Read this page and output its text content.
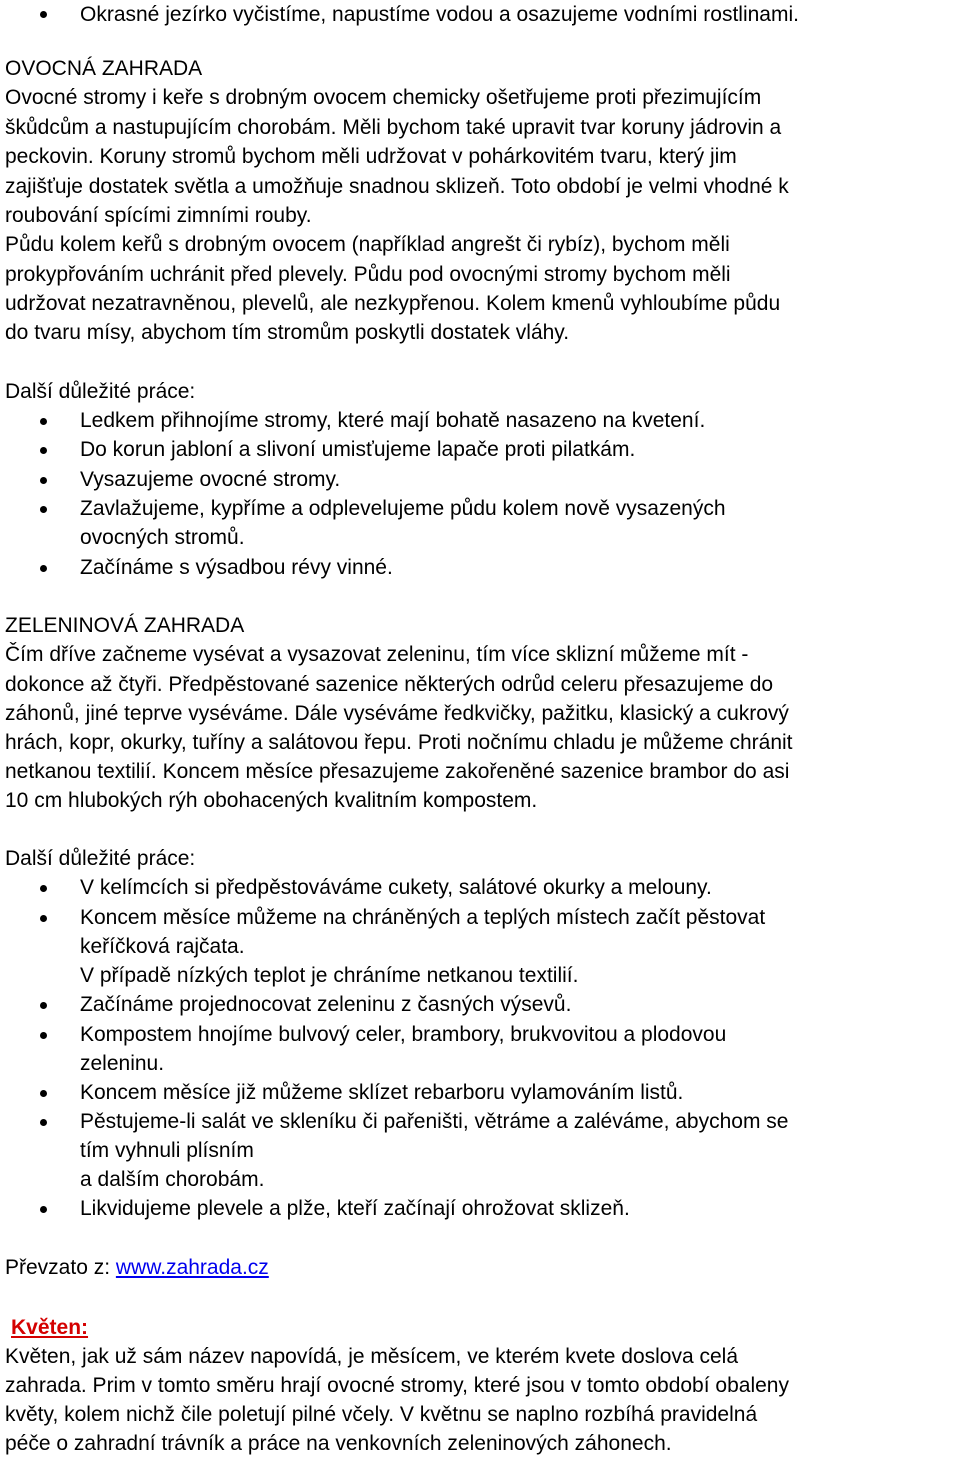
Okrasné jezírko vyčistíme, napustíme vodou a osazujeme vodními rostlinami.
OVOCNÁ ZAHRADA
Ovocné stromy i keře s drobným ovocem chemicky ošetřujeme proti přezimujícím
škůdcům a nastupujícím chorobám. Měli bychom také upravit tvar koruny jádrovin a
peckovin. Koruny stromů bychom měli udržovat v pohárkovitém tvaru, který jim
zajišťuje dostatek světla a umožňuje snadnou sklizeň. Toto období je velmi vhodné k
roubování spícími zimními rouby.
Půdu kolem keřů s drobným ovocem (například angrešt či rybíz), bychom měli
prokypřováním uchránit před plevely. Půdu pod ovocnými stromy bychom měli
udržovat nezatravněnou, plevelů, ale nezkypřenou. Kolem kmenů vyhloubíme půdu
do tvaru mísy, abychom tím stromům poskytli dostatek vláhy.
Další důležité práce:
Ledkem přihnojíme stromy, které mají bohatě nasazeno na kvetení.
Do korun jabloní a slivoní umisťujeme lapače proti pilatkám.
Vysazujeme ovocné stromy.
Zavlažujeme, kypříme a odplevelujeme půdu kolem nově vysazených
ovocných stromů.
Začínáme s výsadbou révy vinné.
ZELENINOVÁ ZAHRADA
Čím dříve začneme vysévat a vysazovat zeleninu, tím více sklizní můžeme mít -
dokonce až čtyři. Předpěstované sazenice některých odrůd celeru přesazujeme do
záhonů, jiné teprve vyséváme. Dále vyséváme ředkvičky, pažitku, klasický a cukrový
hrách, kopr, okurky, tuříny a salátovou řepu. Proti nočnímu chladu je můžeme chránit
netkanou textilií. Koncem měsíce přesazujeme zakořeněné sazenice brambor do asi
10 cm hlubokých rýh obohacených kvalitním kompostem.
Další důležité práce:
V kelímcích si předpěstováváme cukety, salátové okurky a melouny.
Koncem měsíce můžeme na chráněných a teplých místech začít pěstovat
keříčková rajčata.
V případě nízkých teplot je chráníme netkanou textilií.
Začínáme projednocovat zeleninu z časných výsevů.
Kompostem hnojíme bulvový celer, brambory, brukvovitou a plodovou
zeleninu.
Koncem měsíce již můžeme sklízet rebarboru vylamováním listů.
Pěstujeme-li salát ve skleníku či pařeništi, větráme a zaléváme, abychom se
tím vyhnuli plísním
a dalším chorobám.
Likvidujeme plevele a plže, kteří začínají ohrožovat sklizeň.
Převzato z: www.zahrada.cz
Květen:
Květen, jak už sám název napovídá, je měsícem, ve kterém kvete doslova celá
zahrada. Prim v tomto směru hrají ovocné stromy, které jsou v tomto období obaleny
květy, kolem nichž čile poletují pilné včely. V květnu se naplno rozbíhá pravidelná
péče o zahradní trávník a práce na venkovních zeleninových záhonech.
